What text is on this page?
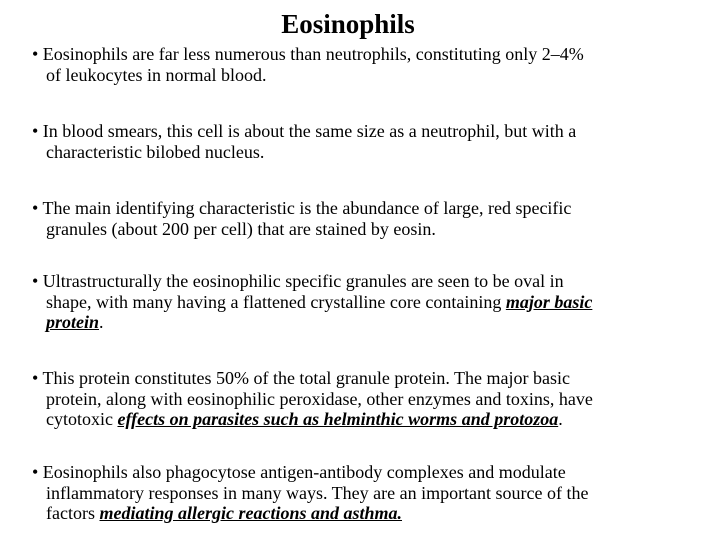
Eosinophils
• Eosinophils are far less numerous than neutrophils, constituting only 2–4%
of leukocytes in normal blood.
• In blood smears, this cell is about the same size as a neutrophil, but with a
characteristic bilobed nucleus.
• The main identifying characteristic is the abundance of large, red specific
granules (about 200 per cell) that are stained by eosin.
• Ultrastructurally the eosinophilic specific granules are seen to be oval in
shape, with many having a flattened crystalline core containing major basic
protein.
• This protein constitutes 50% of the total granule protein. The major basic
protein, along with eosinophilic peroxidase, other enzymes and toxins, have
cytotoxic effects on parasites such as helminthic worms and protozoa.
• Eosinophils also phagocytose antigen-antibody complexes and modulate
inflammatory responses in many ways. They are an important source of the
factors mediating allergic reactions and asthma.
